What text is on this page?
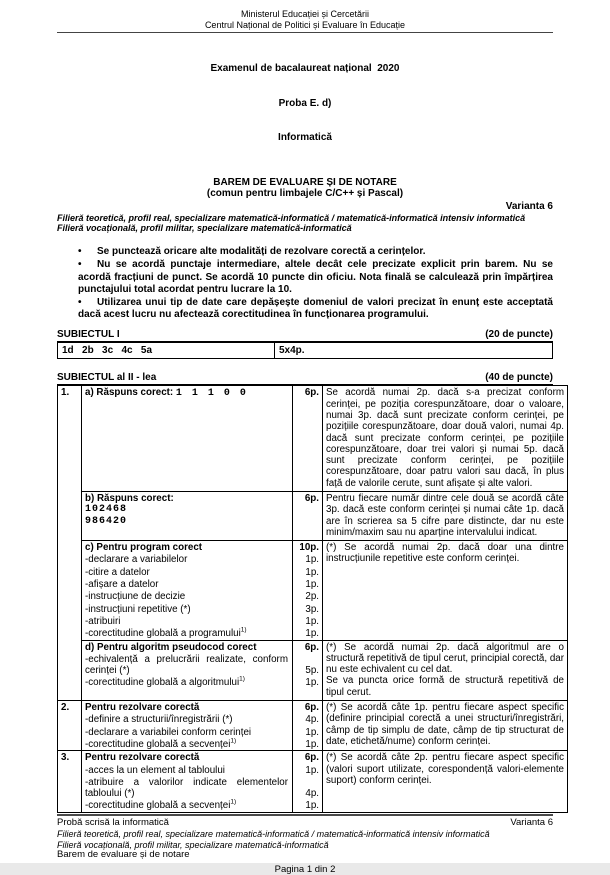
Ministerul Educației și Cercetării
Centrul Național de Politici și Evaluare în Educație

Examenul de bacalaureat național  2020

Proba E. d)

Informatică

BAREM DE EVALUARE ȘI DE NOTARE
(comun pentru limbajele C/C++ și Pascal)
Varianta 6
Filieră teoretică, profil real, specializare matematică-informatică / matematică-informatică intensiv informatică
Filieră vocațională, profil militar, specializare matematică-informatică
• Se punctează oricare alte modalități de rezolvare corectă a cerințelor.
• Nu se acordă punctaje intermediare, altele decât cele precizate explicit prin barem. Nu se acordă fracțiuni de punct. Se acordă 10 puncte din oficiu. Nota finală se calculează prin împărțirea punctajului total acordat pentru lucrare la 10.
• Utilizarea unui tip de date care depășește domeniul de valori precizat în enunț este acceptată dacă acest lucru nu afectează corectitudinea în funcționarea programului.
SUBIECTUL I	(20 de puncte)
1d   2b   3c   4c   5a	5x4p.
SUBIECTUL al II - lea	(40 de puncte)
1.	a) Răspuns corect: 1 1 1 0 0 6p.	Se acordă numai 2p. dacă s-a precizat conform cerinței, pe poziția corespunzătoare, doar o valoare, numai 3p. dacă sunt precizate conform cerinței, pe pozițiile corespunzătoare, doar două valori, numai 4p. dacă sunt precizate conform cerinței, pe pozițiile corespunzătoare, doar trei valori și numai 5p. dacă sunt precizate conform cerinței, pe pozițiile corespunzătoare, doar patru valori sau dacă, în plus față de valorile cerute, sunt afișate și alte valori.

b) Răspuns corect:	6p.
102468
986420

Pentru fiecare număr dintre cele două se acordă câte 3p. dacă este conform cerinței și numai câte 1p. dacă are în scrierea sa 5 cifre pare distincte, dar nu este minim/maxim sau nu aparține intervalului indicat.

c) Pentru program corect	10p.
-declarare a variabilelor	1p.
-citire a datelor	1p.
-afișare a datelor	1p.
-instrucțiune de decizie	2p.
-instrucțiuni repetitive (*)	3p.
-atribuiri	1p.
-corectitudine globală a programului$^{1)}$	1p.

(*) Se acordă numai 2p. dacă doar una dintre instrucțiunile repetitive este conform cerinței.

d) Pentru algoritm pseudocod corect	6p.
-echivalență a prelucrării realizate, conform cerinței (*)	5p.
-corectitudine globală a algoritmului$^{1)}$	1p.

(*) Se acordă numai 2p. dacă algoritmul are o structură repetitivă de tipul cerut, principial corectă, dar nu este echivalent cu cel dat.

Se va puncta orice formă de structură repetitivă de tipul cerut.

2.	Pentru rezolvare corectă	6p.
-definire a structurii/înregistrării (*)	4p.
-declarare a variabilei conform cerinței	1p.
-corectitudine globală a secvenței$^{1)}$	1p.

(*) Se acordă câte 1p. pentru fiecare aspect specific (definire principial corectă a unei structuri/înregistrări, câmp de tip simplu de date, câmp de tip structurat de date, etichetă/nume) conform cerinței.

3.	Pentru rezolvare corectă	6p.
-acces la un element al tabloului	1p.
-atribuire a valorilor indicate elementelor tabloului (*)	4p.
-corectitudine globală a secvenței$^{1)}$	1p.

(*) Se acordă câte 2p. pentru fiecare aspect specific (valori suport utilizate, corespondență valori-elemente suport) conform cerinței.

Probă scrisă la informatică	Varianta 6
Filieră teoretică, profil real, specializare matematică-informatică / matematică-informatică intensiv informatică
Filieră vocațională, profil militar, specializare matematică-informatică
Barem de evaluare și de notare
Pagina 1 din 2
